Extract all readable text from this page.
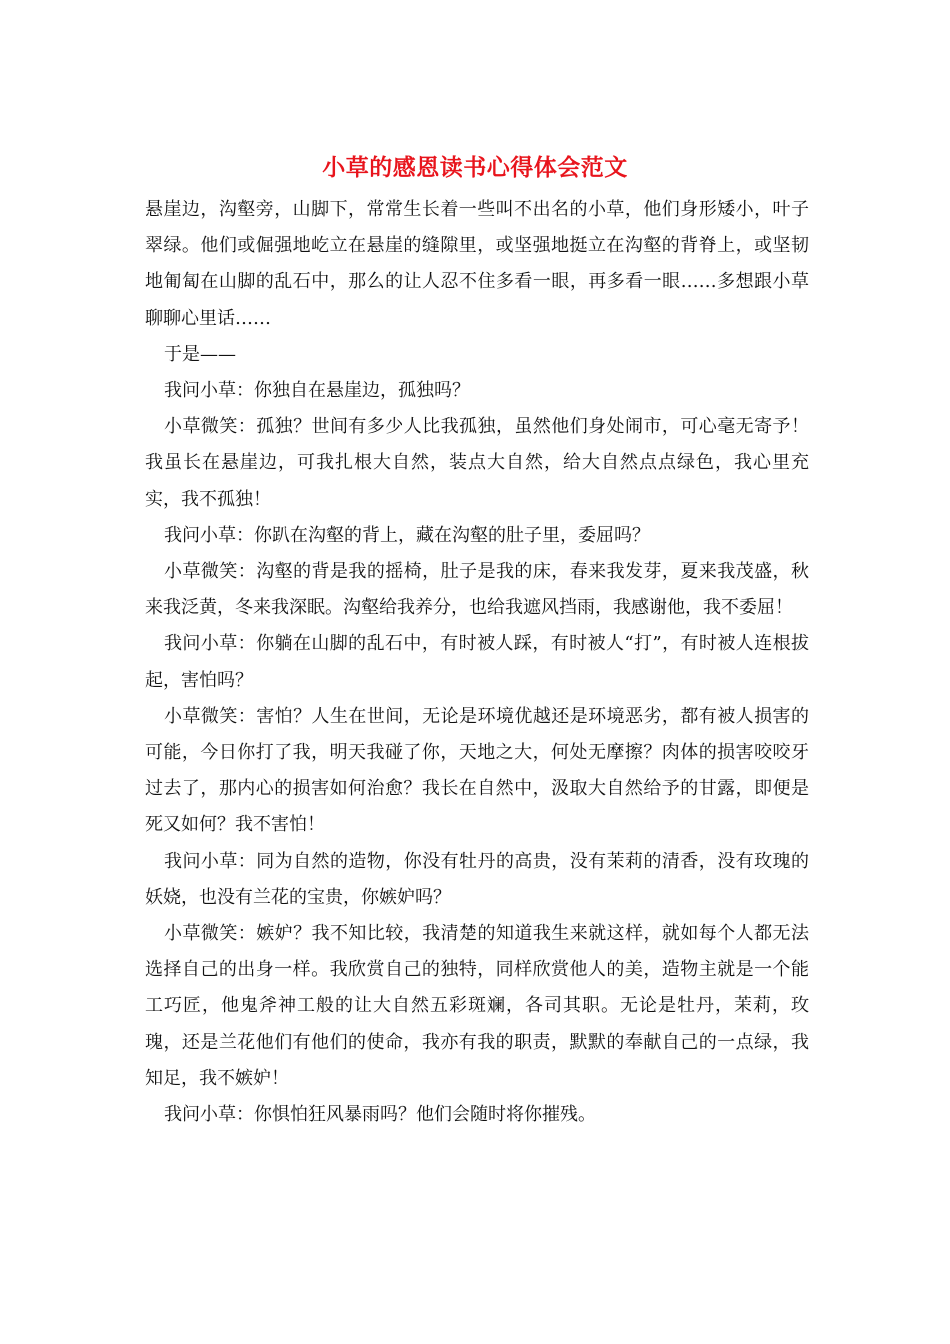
小草的感恩读书心得体会范文

悬崖边，沟壑旁，山脚下，常常生长着一些叫不出名的小草，他们身形矮小，叶子翠绿。他们或倔强地屹立在悬崖的缝隙里，或坚强地挺立在沟壑的背脊上，或坚韧地匍匐在山脚的乱石中，那么的让人忍不住多看一眼，再多看一眼……多想跟小草聊聊心里话……

于是——

我问小草：你独自在悬崖边，孤独吗？

小草微笑：孤独？世间有多少人比我孤独，虽然他们身处闹市，可心毫无寄予！我虽长在悬崖边，可我扎根大自然，装点大自然，给大自然点点绿色，我心里充实，我不孤独！

我问小草：你趴在沟壑的背上，藏在沟壑的肚子里，委屈吗？

小草微笑：沟壑的背是我的摇椅，肚子是我的床，春来我发芽，夏来我茂盛，秋来我泛黄，冬来我深眠。沟壑给我养分，也给我遮风挡雨，我感谢他，我不委屈！

我问小草：你躺在山脚的乱石中，有时被人踩，有时被人“打”，有时被人连根拔起，害怕吗？

小草微笑：害怕？人生在世间，无论是环境优越还是环境恶劣，都有被人损害的可能，今日你打了我，明天我碰了你，天地之大，何处无摩擦？肉体的损害咬咬牙过去了，那内心的损害如何治愈？我长在自然中，汲取大自然给予的甘露，即便是死又如何？我不害怕！

我问小草：同为自然的造物，你没有牡丹的高贵，没有茉莉的清香，没有玫瑰的妖娆，也没有兰花的宝贵，你嫉妒吗？

小草微笑：嫉妒？我不知比较，我清楚的知道我生来就这样，就如每个人都无法选择自己的出身一样。我欣赏自己的独特，同样欣赏他人的美，造物主就是一个能工巧匠，他鬼斧神工般的让大自然五彩斑斓，各司其职。无论是牡丹，茉莉，玫瑰，还是兰花他们有他们的使命，我亦有我的职责，默默的奉献自己的一点绿，我知足，我不嫉妒！

我问小草：你惧怕狂风暴雨吗？他们会随时将你摧残。
